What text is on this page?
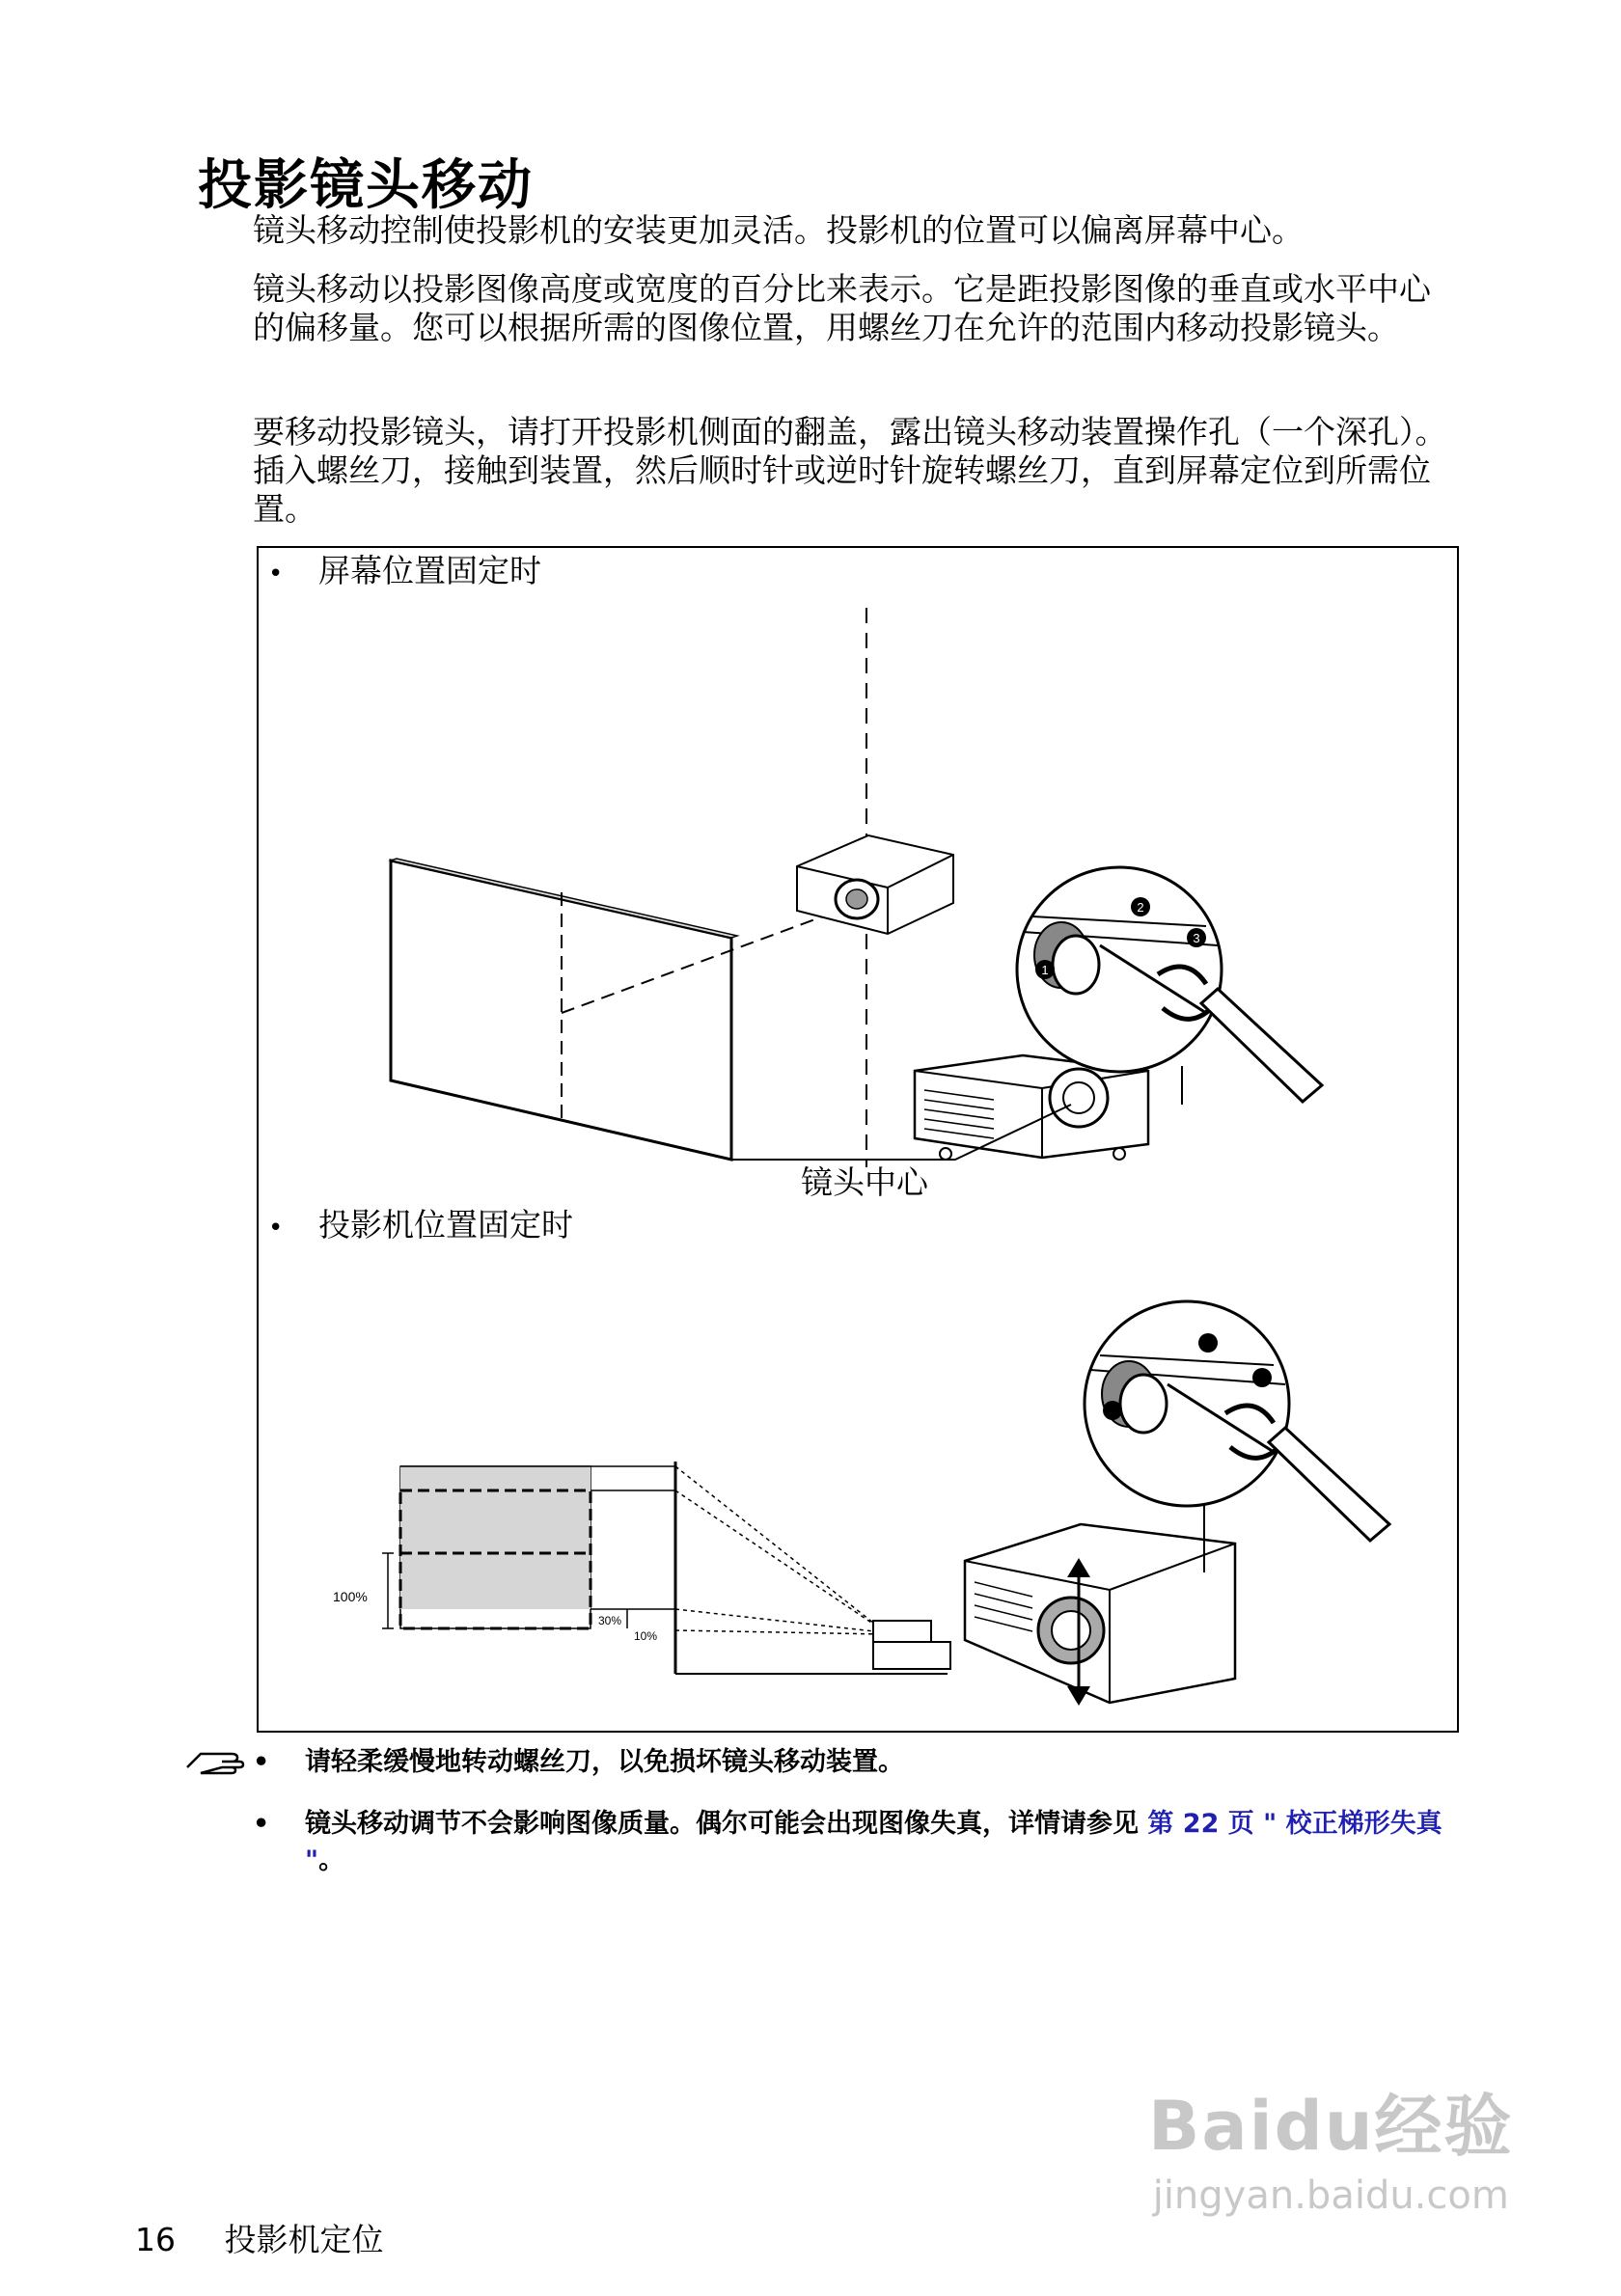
投影镜头移动

镜头移动控制使投影机的安装更加灵活。投影机的位置可以偏离屏幕中心。

镜头移动以投影图像高度或宽度的百分比来表示。它是距投影图像的垂直或水平中心的偏移量。您可以根据所需的图像位置，用螺丝刀在允许的范围内移动投影镜头。

要移动投影镜头，请打开投影机侧面的翻盖，露出镜头移动装置操作孔（一个深孔）。插入螺丝刀，接触到装置，然后顺时针或逆时针旋转螺丝刀，直到屏幕定位到所需位置。

1
2
3
100%
30%
10%
• 屏幕位置固定时
镜头中心
• 投影机位置固定时

•	请轻柔缓慢地转动螺丝刀，以免损坏镜头移动装置。

•	镜头移动调节不会影响图像质量。偶尔可能会出现图像失真，详情请参见 第 22 页 " 校正梯形失真 "。

16 投影机定位
Baidu经验
jingyan.baidu.com
